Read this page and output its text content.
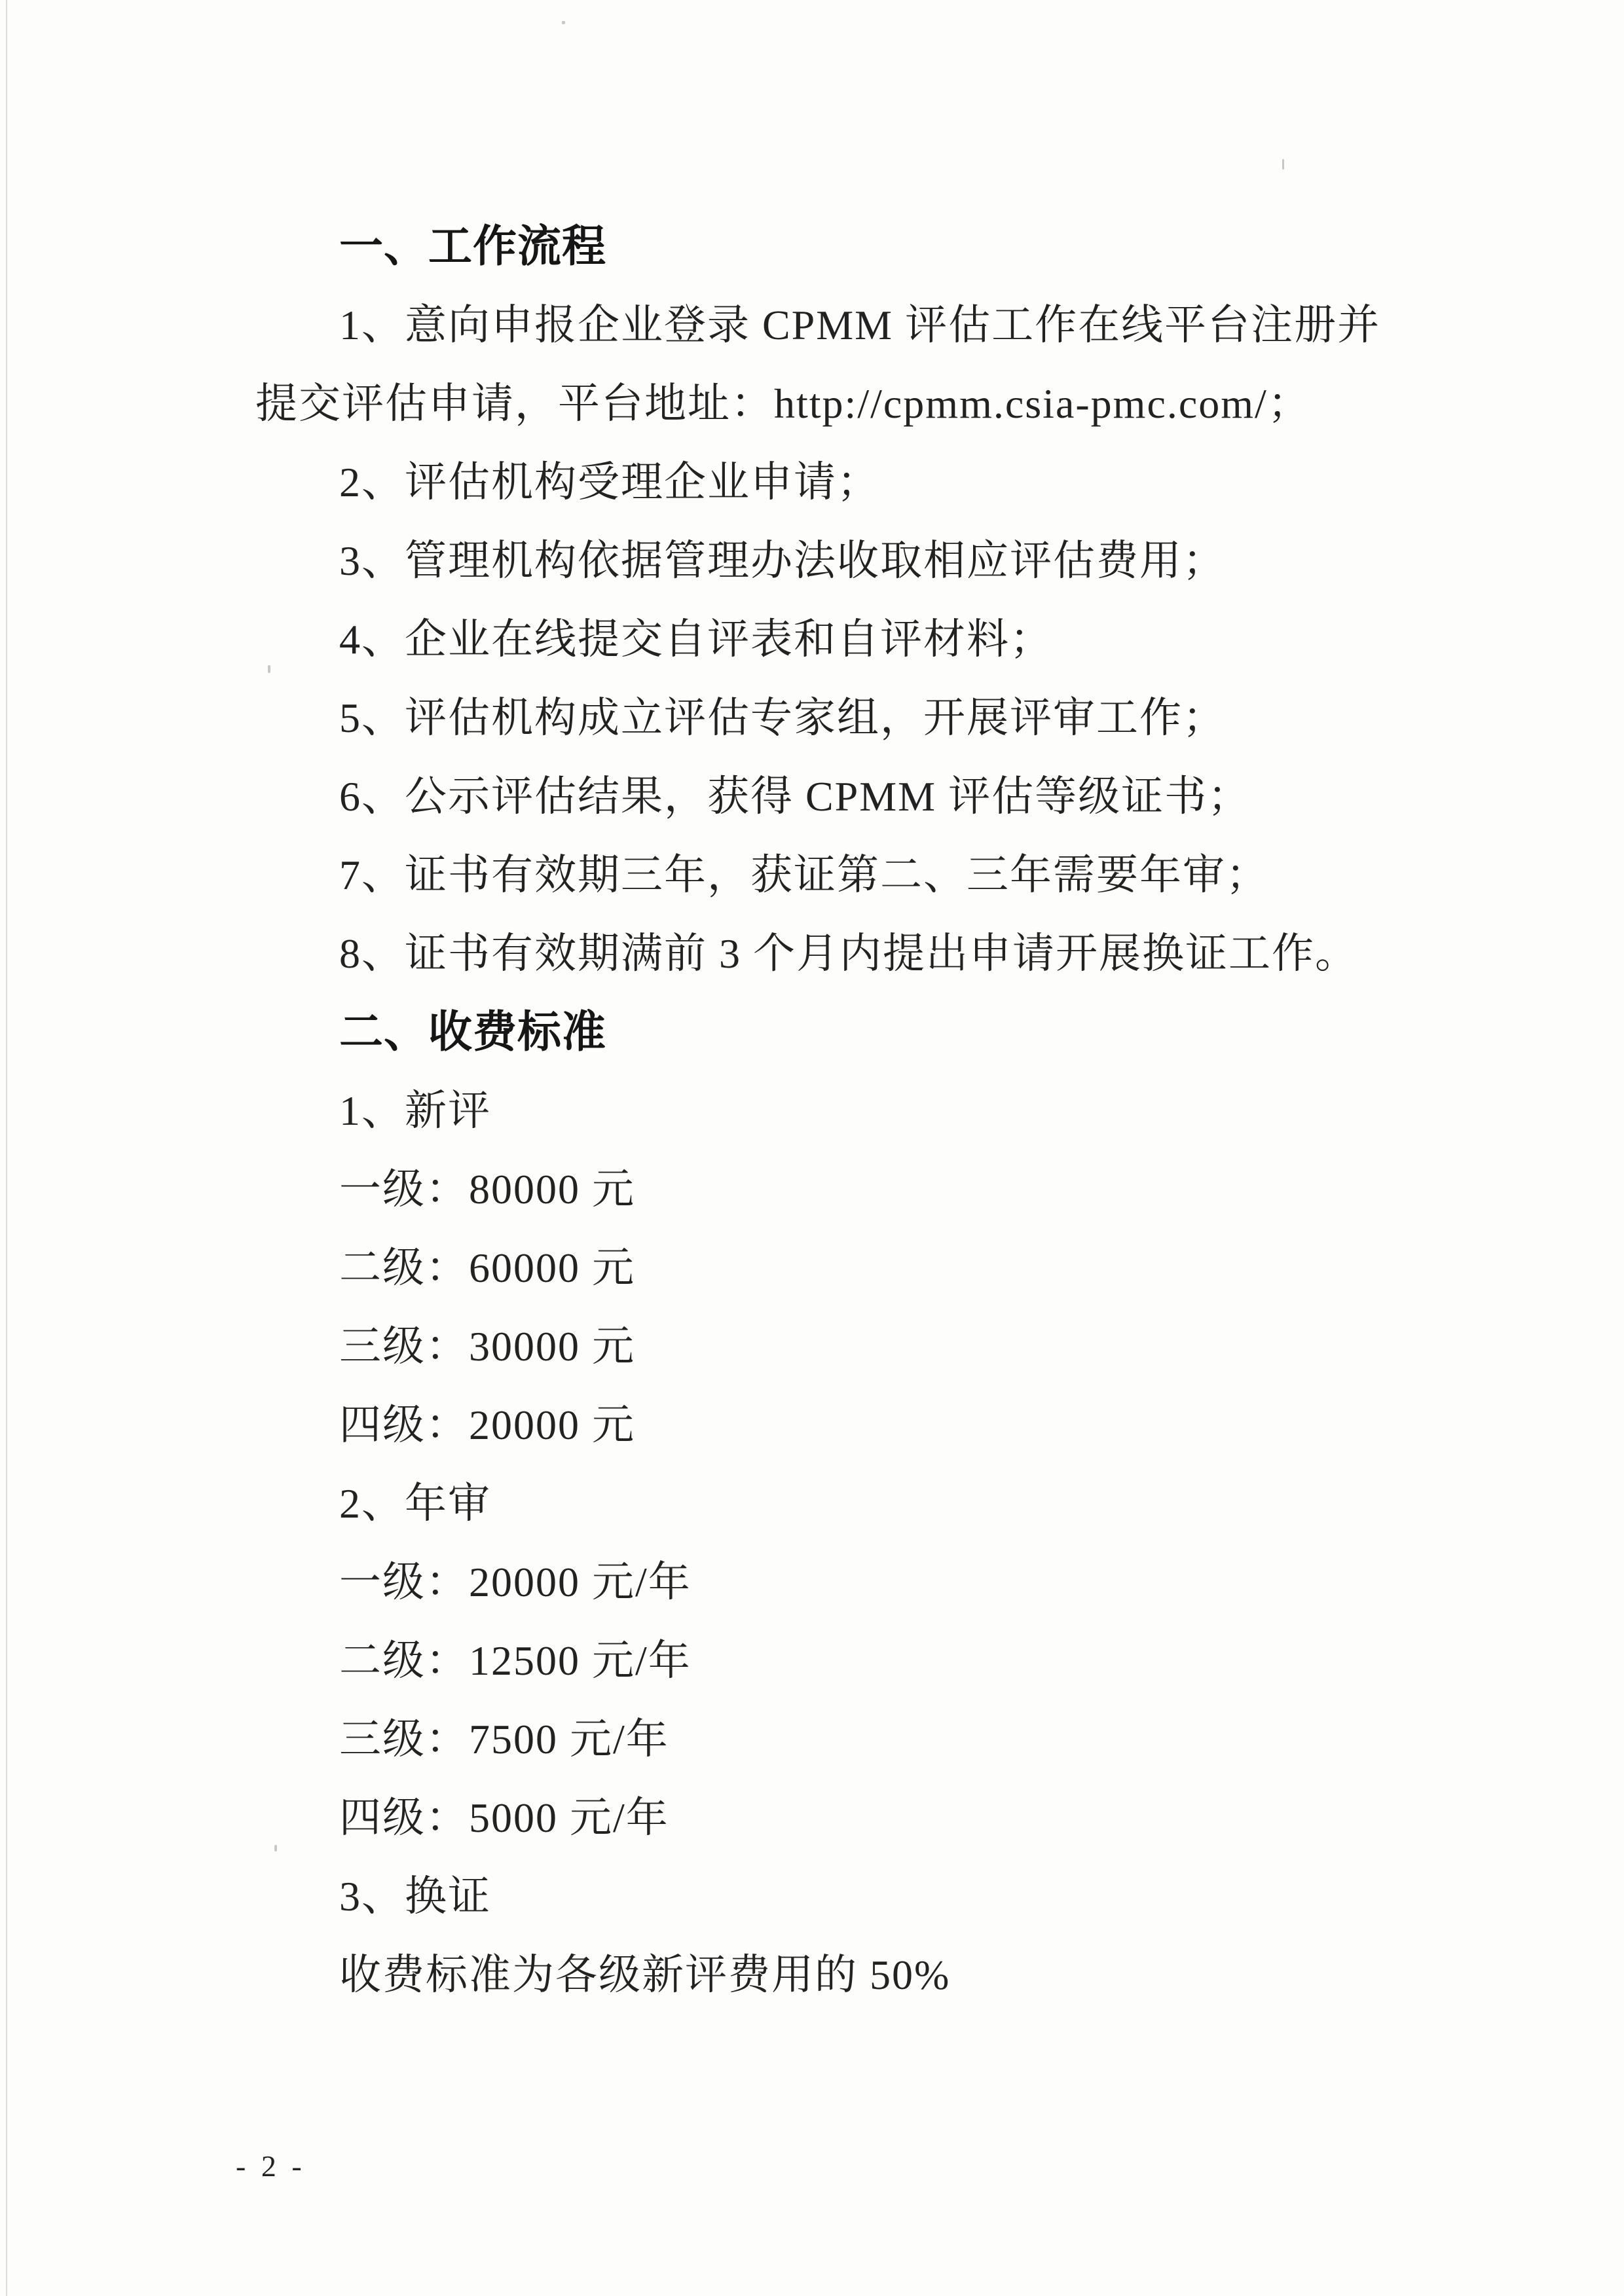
一、工作流程
1、意向申报企业登录 CPMM 评估工作在线平台注册并
提交评估申请，平台地址：http://cpmm.csia-pmc.com/；
2、评估机构受理企业申请；
3、管理机构依据管理办法收取相应评估费用；
4、企业在线提交自评表和自评材料；
5、评估机构成立评估专家组，开展评审工作；
6、公示评估结果，获得 CPMM 评估等级证书；
7、证书有效期三年，获证第二、三年需要年审；
8、证书有效期满前 3 个月内提出申请开展换证工作。
二、收费标准
1、新评
一级：80000 元
二级：60000 元
三级：30000 元
四级：20000 元
2、年审
一级：20000 元/年
二级：12500 元/年
三级：7500 元/年
四级：5000 元/年
3、换证
收费标准为各级新评费用的 50%
- 2 -
